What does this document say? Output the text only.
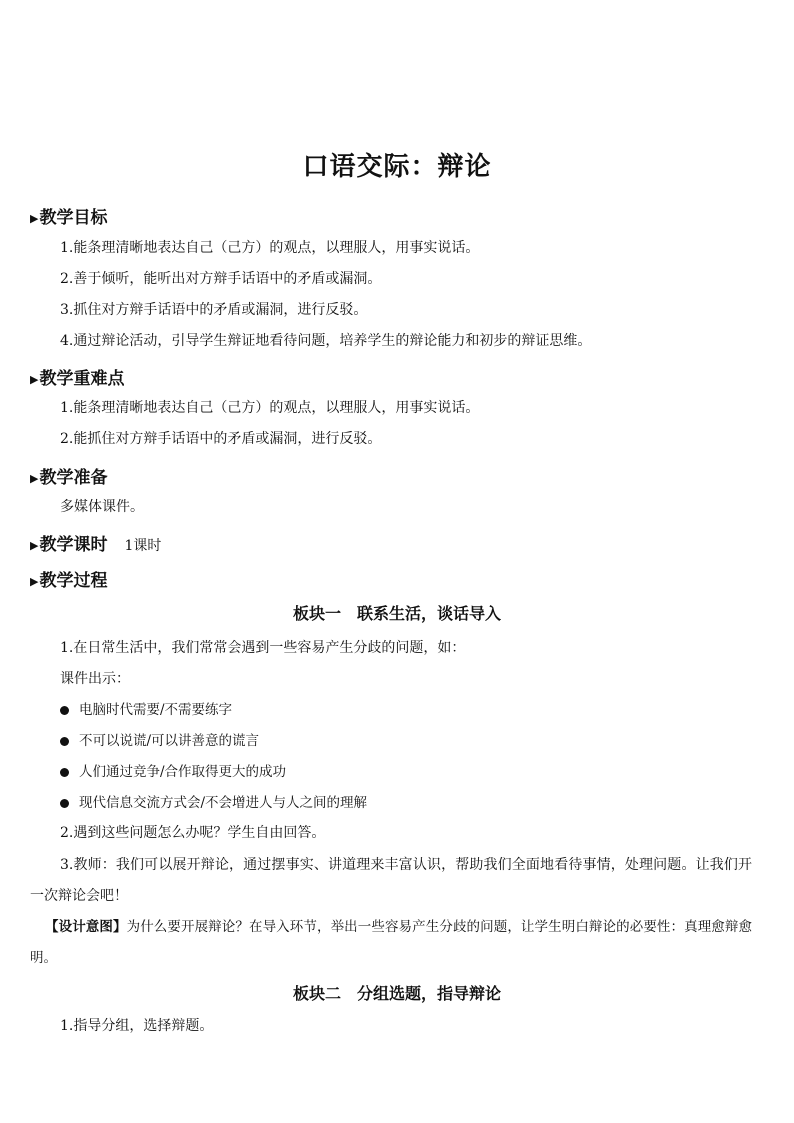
口语交际：辩论
▶ 教学目标
1.能条理清晰地表达自己（己方）的观点，以理服人，用事实说话。
2.善于倾听，能听出对方辩手话语中的矛盾或漏洞。
3.抓住对方辩手话语中的矛盾或漏洞，进行反驳。
4.通过辩论活动，引导学生辩证地看待问题，培养学生的辩论能力和初步的辩证思维。
▶ 教学重难点
1.能条理清晰地表达自己（己方）的观点，以理服人，用事实说话。
2.能抓住对方辩手话语中的矛盾或漏洞，进行反驳。
▶ 教学准备
多媒体课件。
▶ 教学课时 1课时
▶ 教学过程
板块一　联系生活，谈话导入
1.在日常生活中，我们常常会遇到一些容易产生分歧的问题，如：
课件出示：
电脑时代需要/不需要练字
不可以说谎/可以讲善意的谎言
人们通过竞争/合作取得更大的成功
现代信息交流方式会/不会增进人与人之间的理解
2.遇到这些问题怎么办呢？学生自由回答。
3.教师：我们可以展开辩论，通过摆事实、讲道理来丰富认识，帮助我们全面地看待事情，处理问题。让我们开一次辩论会吧！
【设计意图】为什么要开展辩论？在导入环节，举出一些容易产生分歧的问题，让学生明白辩论的必要性：真理愈辩愈明。
板块二　分组选题，指导辩论
1.指导分组，选择辩题。
